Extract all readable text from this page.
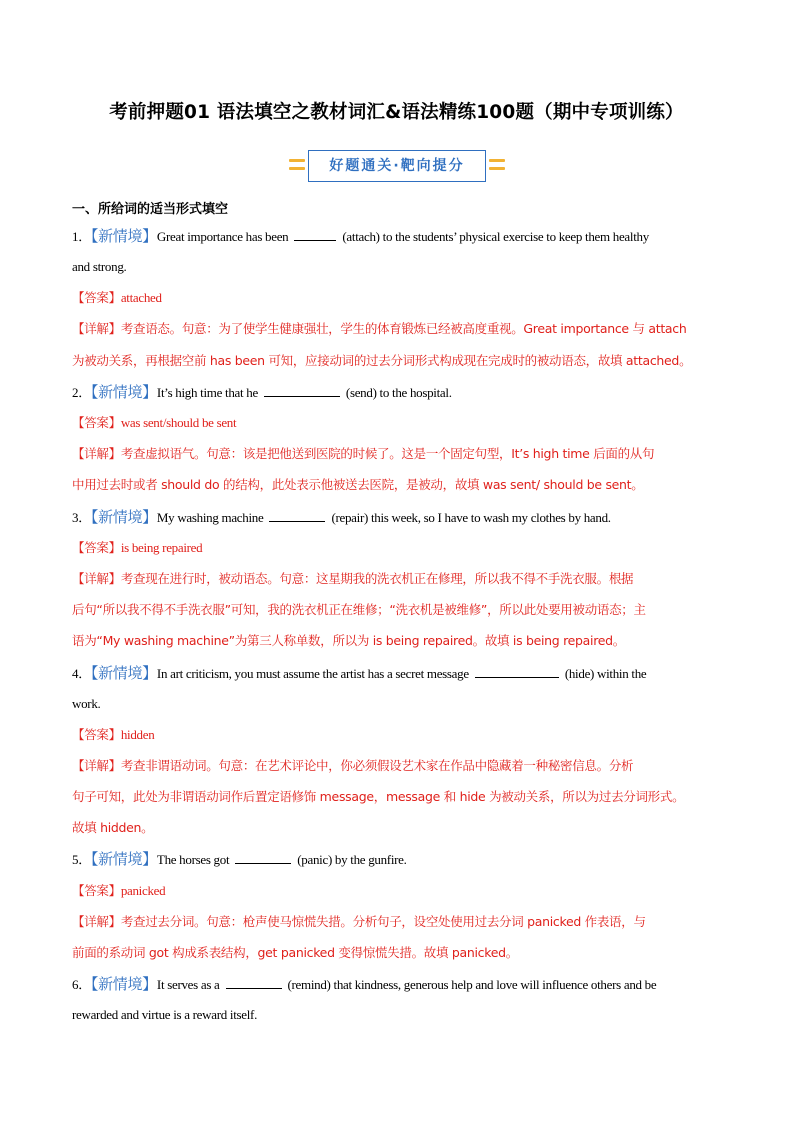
考前押题01 语法填空之教材词汇&语法精练100题（期中专项训练）
好题通关·靶向提分
一、所给词的适当形式填空
1．【新情境】Great importance has been	(attach) to the students’ physical exercise to keep them healthy
and strong.
【答案】attached
【详解】考查语态。句意：为了使学生健康强壮，学生的体育锻炼已经被高度重视。Great importance 与 attach
为被动关系，再根据空前 has been 可知，应接动词的过去分词形式构成现在完成时的被动语态，故填 attached。
2．【新情境】It’s high time that he	(send) to the hospital.
【答案】was sent/should be sent
【详解】考查虚拟语气。句意：该是把他送到医院的时候了。这是一个固定句型，It’s high time 后面的从句
中用过去时或者 should do 的结构，此处表示他被送去医院，是被动，故填 was sent/ should be sent。
3．【新情境】My washing machine	(repair) this week, so I have to wash my clothes by hand.
【答案】is being repaired
【详解】考查现在进行时，被动语态。句意：这星期我的洗衣机正在修理，所以我不得不手洗衣服。根据
后句“所以我不得不手洗衣服”可知，我的洗衣机正在维修；“洗衣机是被维修”，所以此处要用被动语态；主
语为“My washing machine”为第三人称单数，所以为 is being repaired。故填 is being repaired。
4．【新情境】In art criticism, you must assume the artist has a secret message	(hide) within the
work.
【答案】hidden
【详解】考查非谓语动词。句意：在艺术评论中，你必须假设艺术家在作品中隐藏着一种秘密信息。分析
句子可知，此处为非谓语动词作后置定语修饰 message，message 和 hide 为被动关系，所以为过去分词形式。
故填 hidden。
5．【新情境】The horses got	(panic) by the gunfire.
【答案】panicked
【详解】考查过去分词。句意：枪声使马惊慌失措。分析句子，设空处使用过去分词 panicked 作表语，与
前面的系动词 got 构成系表结构，get panicked 变得惊慌失措。故填 panicked。
6．【新情境】It serves as a	(remind) that kindness, generous help and love will influence others and be
rewarded and virtue is a reward itself.
